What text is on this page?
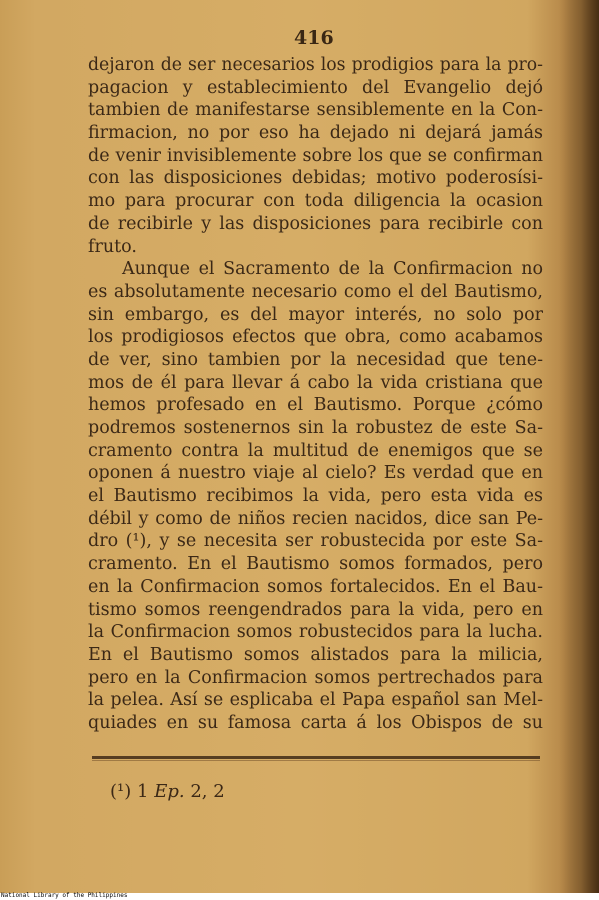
416
dejaron de ser necesarios los prodigios para la pro-
pagacion y establecimiento del Evangelio dejó
tambien de manifestarse sensiblemente en la Con-
firmacion, no por eso ha dejado ni dejará jamás
de venir invisiblemente sobre los que se confirman
con las disposiciones debidas; motivo poderosísi-
mo para procurar con toda diligencia la ocasion
de recibirle y las disposiciones para recibirle con
fruto.
Aunque el Sacramento de la Confirmacion no
es absolutamente necesario como el del Bautismo,
sin embargo, es del mayor interés, no solo por
los prodigiosos efectos que obra, como acabamos
de ver, sino tambien por la necesidad que tene-
mos de él para llevar á cabo la vida cristiana que
hemos profesado en el Bautismo. Porque ¿cómo
podremos sostenernos sin la robustez de este Sa-
cramento contra la multitud de enemigos que se
oponen á nuestro viaje al cielo? Es verdad que en
el Bautismo recibimos la vida, pero esta vida es
débil y como de niños recien nacidos, dice san Pe-
dro (¹), y se necesita ser robustecida por este Sa-
cramento. En el Bautismo somos formados, pero
en la Confirmacion somos fortalecidos. En el Bau-
tismo somos reengendrados para la vida, pero en
la Confirmacion somos robustecidos para la lucha.
En el Bautismo somos alistados para la milicia,
pero en la Confirmacion somos pertrechados para
la pelea. Así se esplicaba el Papa español san Mel-
quiades en su famosa carta á los Obispos de su
(¹) 1 Ep. 2, 2
National Library of the Philippines
